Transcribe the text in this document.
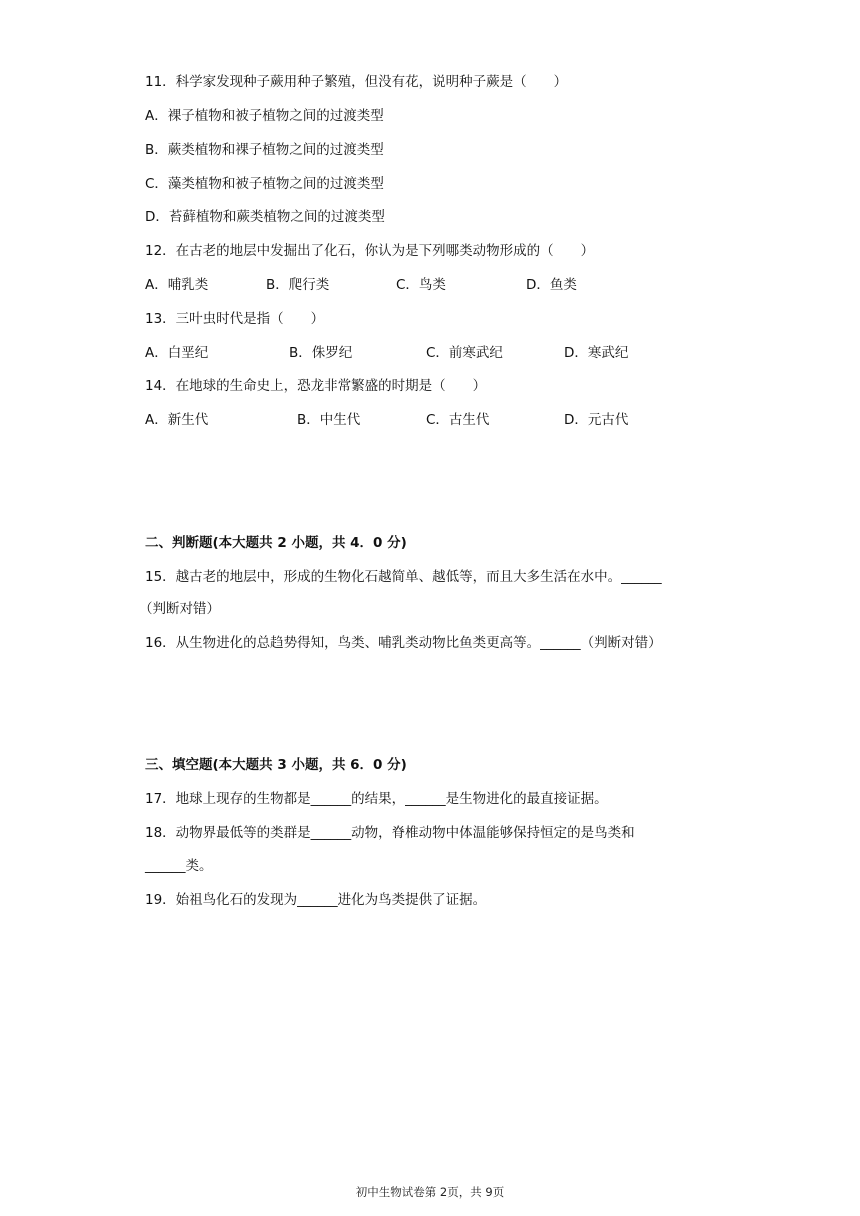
11．科学家发现种子蕨用种子繁殖，但没有花，说明种子蕨是（　　）
A．裸子植物和被子植物之间的过渡类型
B．蕨类植物和裸子植物之间的过渡类型
C．藻类植物和被子植物之间的过渡类型
D．苔藓植物和蕨类植物之间的过渡类型
12．在古老的地层中发掘出了化石，你认为是下列哪类动物形成的（　　）
A．哺乳类	B．爬行类	C．鸟类	D．鱼类
13．三叶虫时代是指（　　）
A．白垩纪	B．侏罗纪	C．前寒武纪	D．寒武纪
14．在地球的生命史上，恐龙非常繁盛的时期是（　　）
A．新生代	B．中生代	C．古生代	D．元古代
二、判断题(本大题共 2 小题，共 4．0 分)
15．越古老的地层中，形成的生物化石越简单、越低等，而且大多生活在水中。______
（判断对错）
16．从生物进化的总趋势得知，鸟类、哺乳类动物比鱼类更高等。______（判断对错）
三、填空题(本大题共 3 小题，共 6．0 分)
17．地球上现存的生物都是______的结果，______是生物进化的最直接证据。
18．动物界最低等的类群是______动物，脊椎动物中体温能够保持恒定的是鸟类和
______类。
19．始祖鸟化石的发现为______进化为鸟类提供了证据。
初中生物试卷第 2页，共 9页
